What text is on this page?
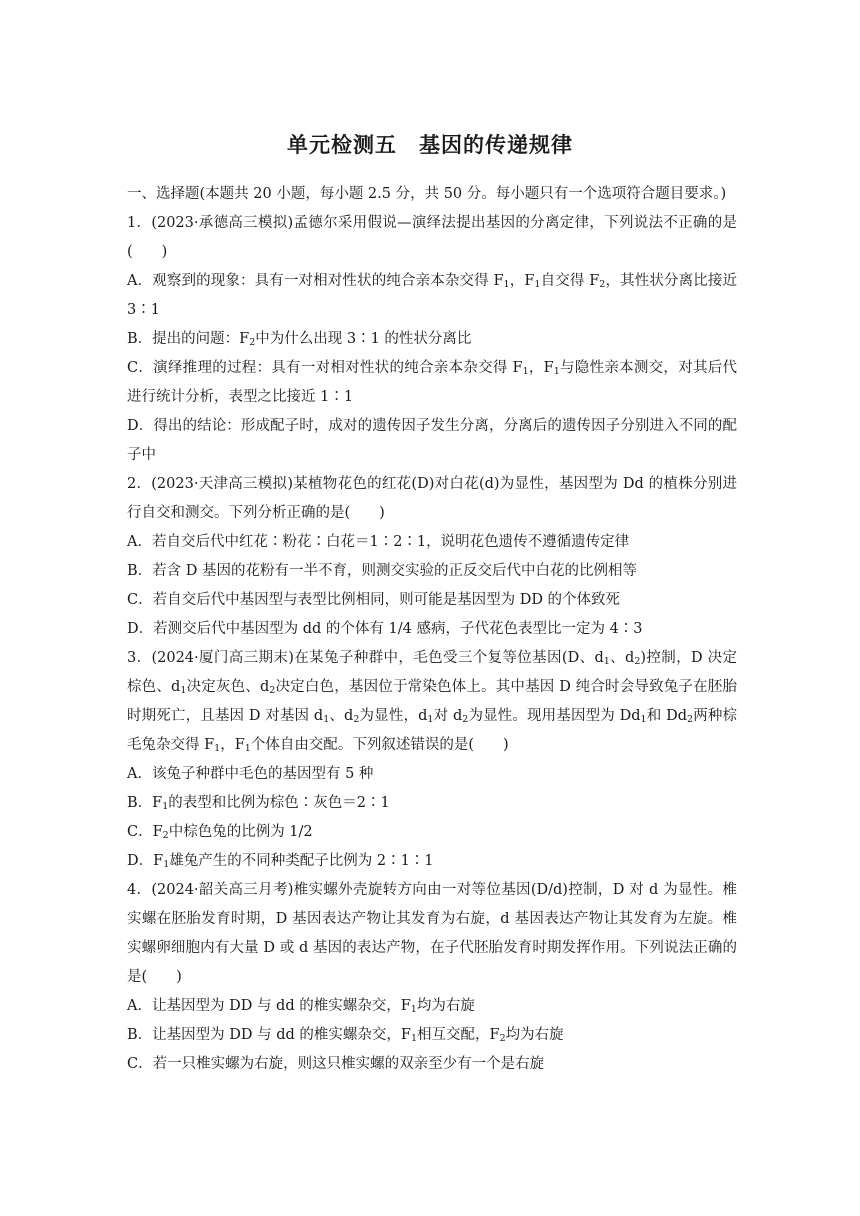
单元检测五　基因的传递规律

一、选择题(本题共 20 小题，每小题 2.5 分，共 50 分。每小题只有一个选项符合题目要求。)

1．(2023·承德高三模拟)孟德尔采用假说—演绎法提出基因的分离定律，下列说法不正确的是(　　)

A．观察到的现象：具有一对相对性状的纯合亲本杂交得 $F_1$，$F_1$自交得 $F_2$，其性状分离比接近 3∶1

B．提出的问题：$F_2$中为什么出现 3∶1 的性状分离比

C．演绎推理的过程：具有一对相对性状的纯合亲本杂交得 $F_1$，$F_1$与隐性亲本测交，对其后代进行统计分析，表型之比接近 1∶1

D．得出的结论：形成配子时，成对的遗传因子发生分离，分离后的遗传因子分别进入不同的配子中

2．(2023·天津高三模拟)某植物花色的红花(D)对白花(d)为显性，基因型为 Dd 的植株分别进行自交和测交。下列分析正确的是(　　)

A．若自交后代中红花∶粉花∶白花＝1∶2∶1，说明花色遗传不遵循遗传定律

B．若含 D 基因的花粉有一半不育，则测交实验的正反交后代中白花的比例相等

C．若自交后代中基因型与表型比例相同，则可能是基因型为 DD 的个体致死

D．若测交后代中基因型为 dd 的个体有 1/4 感病，子代花色表型比一定为 4∶3

3．(2024·厦门高三期末)在某兔子种群中，毛色受三个复等位基因(D、$d_1$、$d_2$)控制，D 决定棕色、$d_1$决定灰色、$d_2$决定白色，基因位于常染色体上。其中基因 D 纯合时会导致兔子在胚胎时期死亡，且基因 D 对基因 $d_1$、$d_2$为显性，$d_1$对 $d_2$为显性。现用基因型为 $Dd_1$和 $Dd_2$两种棕毛兔杂交得 $F_1$，$F_1$个体自由交配。下列叙述错误的是(　　)

A．该兔子种群中毛色的基因型有 5 种

B．$F_1$的表型和比例为棕色∶灰色＝2∶1

C．$F_2$中棕色兔的比例为 1/2

D．$F_1$雄兔产生的不同种类配子比例为 2∶1∶1

4．(2024·韶关高三月考)椎实螺外壳旋转方向由一对等位基因(D/d)控制，D 对 d 为显性。椎实螺在胚胎发育时期，D 基因表达产物让其发育为右旋，d 基因表达产物让其发育为左旋。椎实螺卵细胞内有大量 D 或 d 基因的表达产物，在子代胚胎发育时期发挥作用。下列说法正确的是(　　)

A．让基因型为 DD 与 dd 的椎实螺杂交，$F_1$均为右旋

B．让基因型为 DD 与 dd 的椎实螺杂交，$F_1$相互交配，$F_2$均为右旋

C．若一只椎实螺为右旋，则这只椎实螺的双亲至少有一个是右旋
